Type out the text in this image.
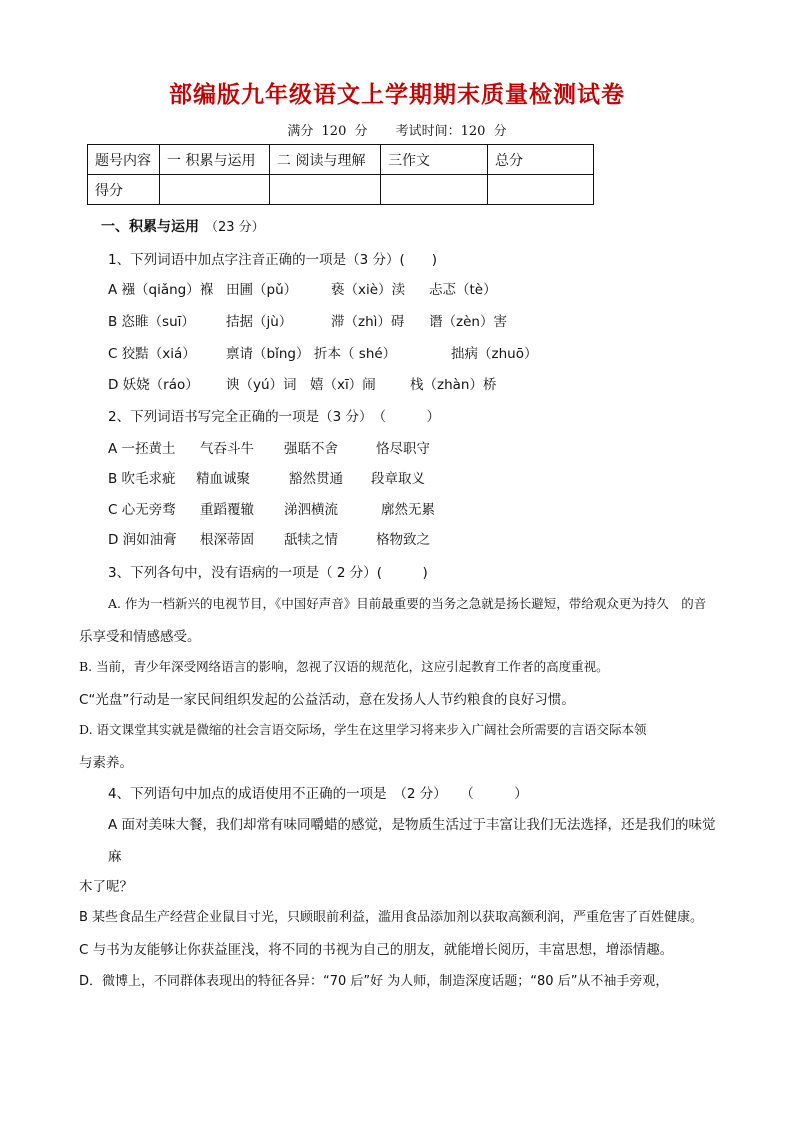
部编版九年级语文上学期期末质量检测试卷
满分 120 分 考试时间：120 分
题号内容	一 积累与运用	二 阅读与理解	三作文	总分
得分				
一、积累与运用 （23 分）
1、下列词语中加点字注音正确的一项是（3 分）(　　)
A 襁（qiǎng）褓 田圃（pǔ）	亵（xiè）渎 忐忑（tè）
B 恣睢（suī） 拮据（jù）	滞（zhì）碍 谮（zèn）害
C 狡黠（xiá） 禀请（bǐng） 折本（ shé）	拙病（zhuō）
D 妖娆（ráo） 谀（yú）词 嬉（xī）闹	栈（zhàn）桥
2、下列词语书写完全正确的一项是（3 分）　（　　　）
A 一抷黄土 气吞斗牛 强聒不舍	恪尽职守
B 吹毛求疵 精血诚聚	豁然贯通 段章取义
C 心无旁骛 重蹈覆辙 涕泗横流	廓然无累
D 润如油膏 根深蒂固 舐犊之情	格物致之
3、下列各句中，没有语病的一项是（ 2 分）(　　　)
A. 作为一档新兴的电视节目，《中国好声音》目前最重要的当务之急就是扬长避短，带给观众更为持久　的音
乐享受和情感感受。
B. 当前，青少年深受网络语言的影响，忽视了汉语的规范化，这应引起教育工作者的高度重视。
C“光盘”行动是一家民间组织发起的公益活动，意在发扬人人节约粮食的良好习惯。
D. 语文课堂其实就是微缩的社会言语交际场，学生在这里学习将来步入广阔社会所需要的言语交际本领
与素养。
4、下列语句中加点的成语使用不正确的一项是　（2 分）　　（　　　）
A 面对美味大餐，我们却常有味同嚼蜡的感觉，是物质生活过于丰富让我们无法选择，还是我们的味觉
麻
木了呢？
B 某些食品生产经营企业鼠目寸光，只顾眼前利益，滥用食品添加剂以获取高额利润，严重危害了百姓健康。
C 与书为友能够让你获益匪浅，将不同的书视为自己的朋友，就能增长阅历，丰富思想，增添情趣。
D．微博上，不同群体表现出的特征各异：“70 后”好 为人师，制造深度话题；“80 后”从不袖手旁观，
